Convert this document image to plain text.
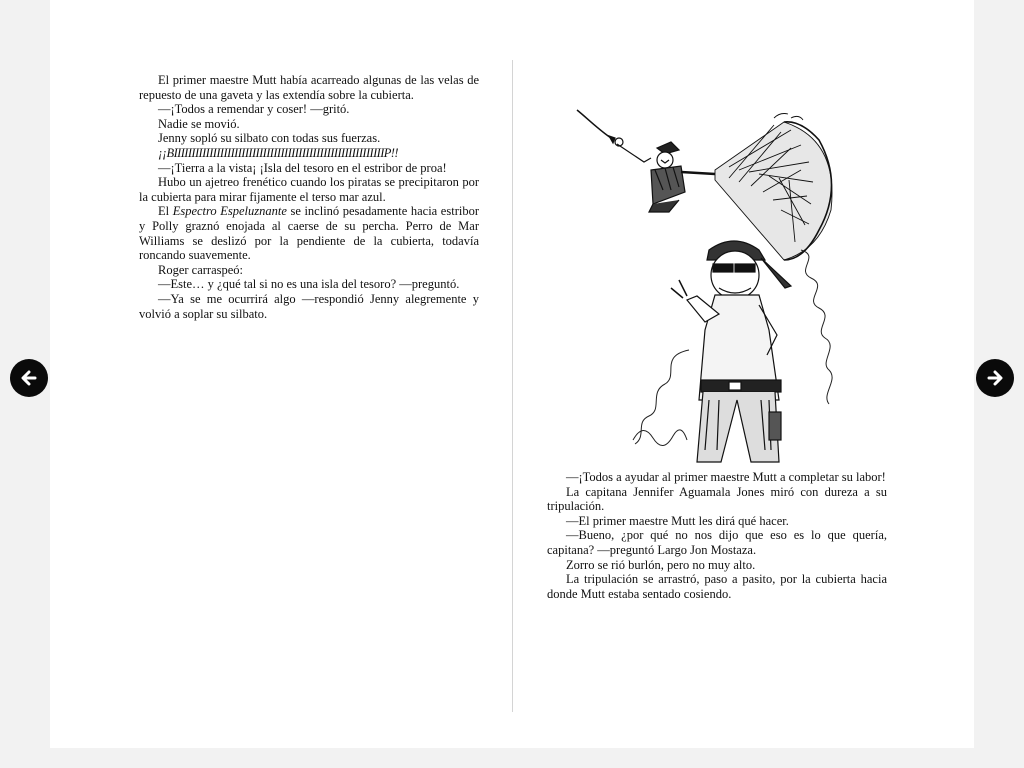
El primer maestre Mutt había acarreado algunas de las velas de repuesto de una gaveta y las extendía sobre la cubierta.

—¡Todos a remendar y coser! —gritó.

Nadie se movió.

Jenny sopló su silbato con todas sus fuerzas.

¡¡BIIIIIIIIIIIIIIIIIIIIIIIIIIIIIIIIIIIIIIIIIIIIIIIIIIIIIIIIIIIP!!

—¡Tierra a la vista¡ ¡Isla del tesoro en el estribor de proa!

Hubo un ajetreo frenético cuando los piratas se precipitaron por la cubierta para mirar fijamente el terso mar azul.

El Espectro Espeluznante se inclinó pesadamente hacia estribor y Polly graznó enojada al caerse de su percha. Perro de Mar Williams se deslizó por la pendiente de la cubierta, todavía roncando suavemente.

Roger carraspeó:

—Este… y ¿qué tal si no es una isla del tesoro? —preguntó.

—Ya se me ocurrirá algo —respondió Jenny alegremente y volvió a soplar su silbato.

—¡Todos a ayudar al primer maestre Mutt a completar su labor!

La capitana Jennifer Aguamala Jones miró con dureza a su tripulación.

—El primer maestre Mutt les dirá qué hacer.

—Bueno, ¿por qué no nos dijo que eso es lo que quería, capitana? —preguntó Largo Jon Mostaza.

Zorro se rió burlón, pero no muy alto.

La tripulación se arrastró, paso a pasito, por la cubierta hacia donde Mutt estaba sentado cosiendo.
